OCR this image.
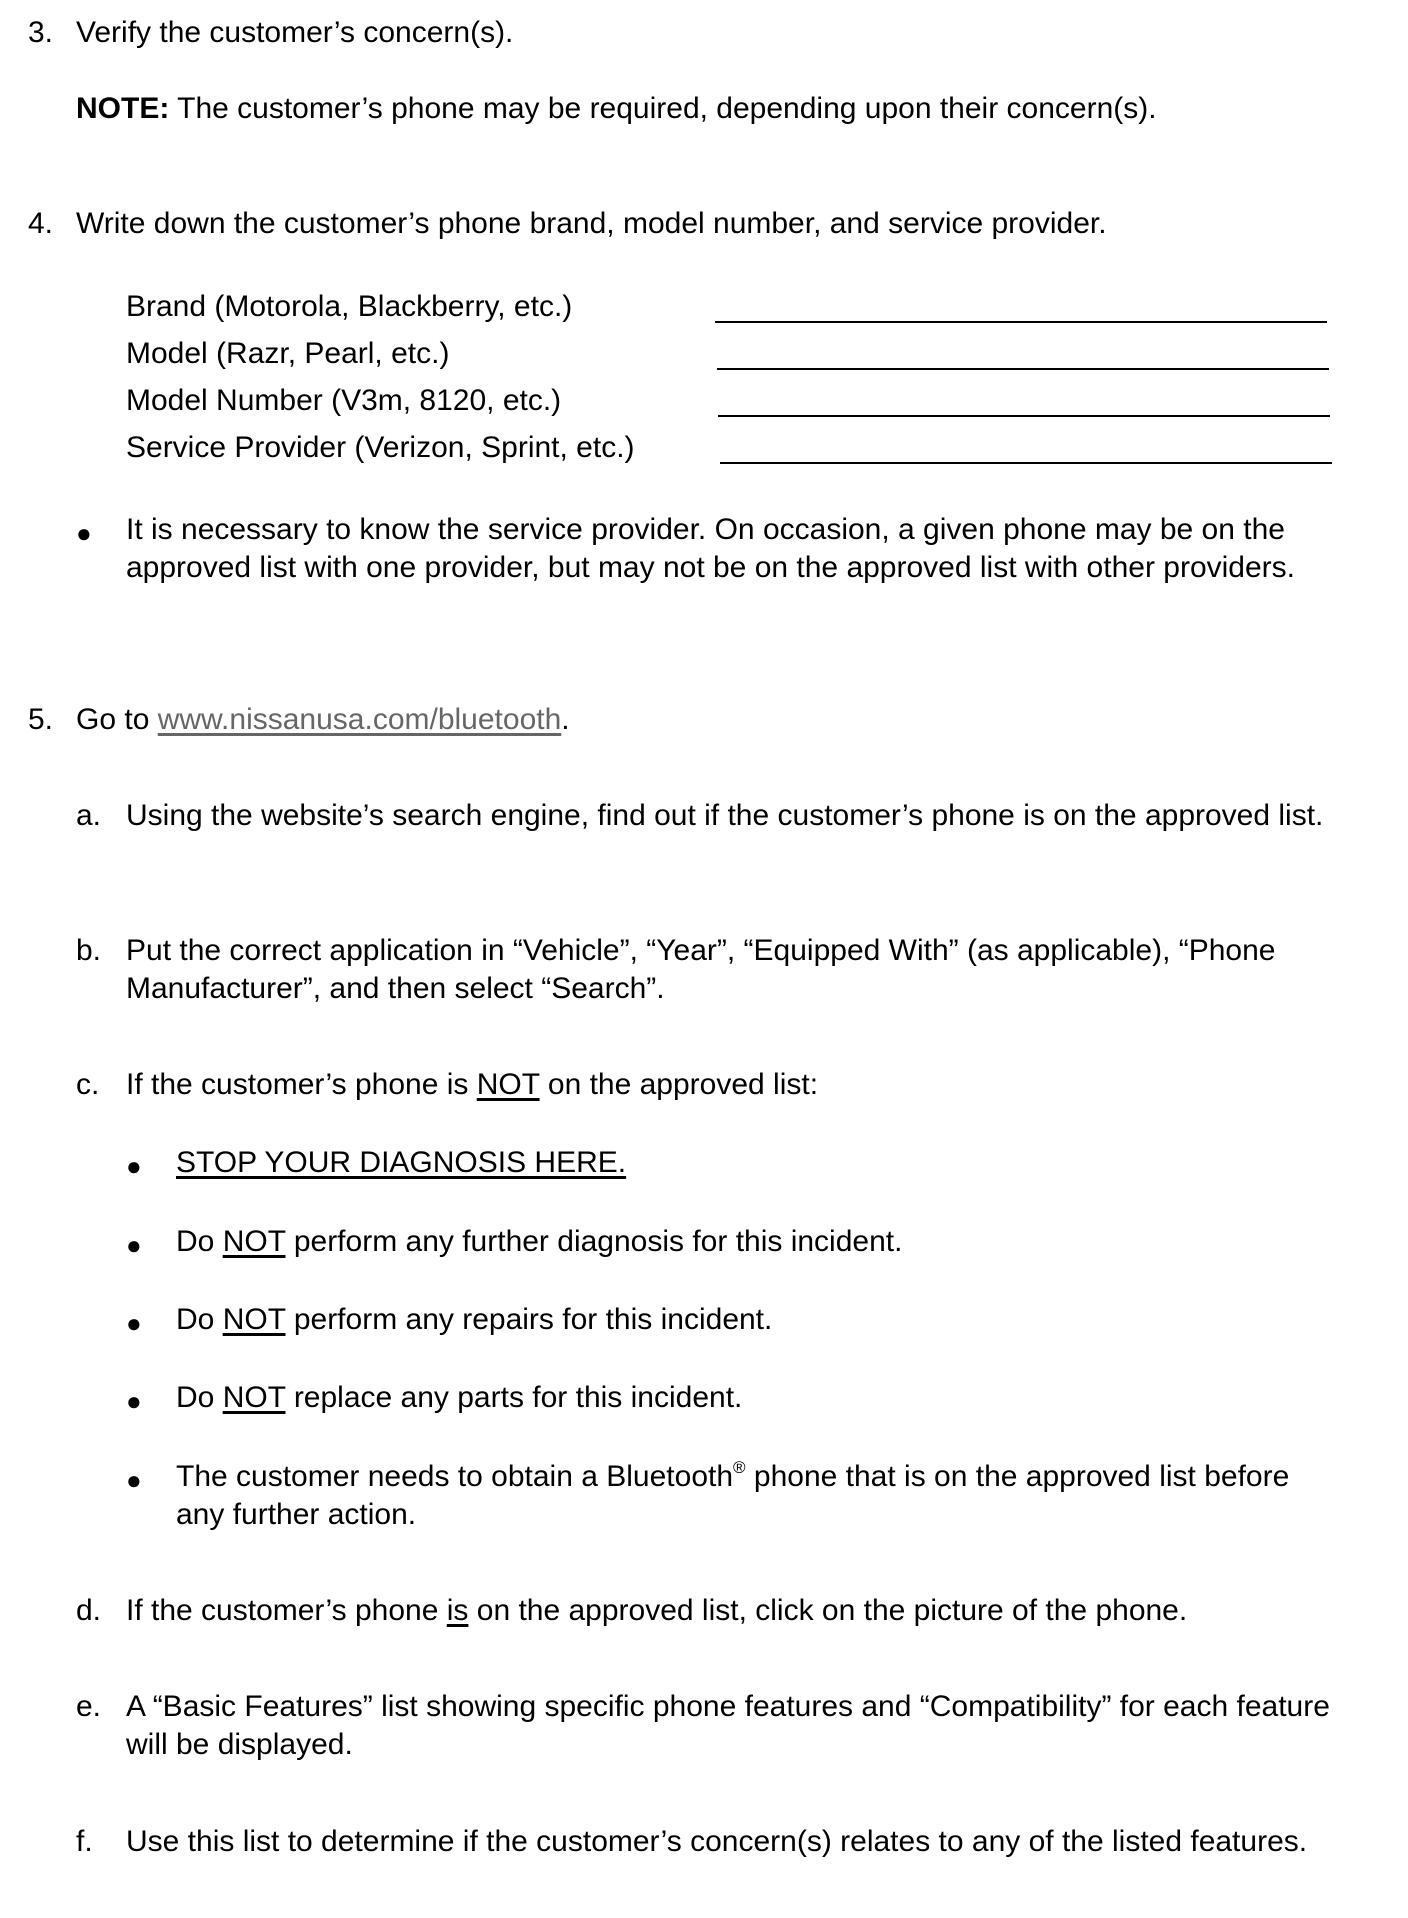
3. Verify the customer’s concern(s).
NOTE: The customer’s phone may be required, depending upon their concern(s).
4. Write down the customer’s phone brand, model number, and service provider.
Brand (Motorola, Blackberry, etc.)
Model (Razr, Pearl, etc.)
Model Number (V3m, 8120, etc.)
Service Provider (Verizon, Sprint, etc.)
● It is necessary to know the service provider. On occasion, a given phone may be on the approved list with one provider, but may not be on the approved list with other providers.
5. Go to www.nissanusa.com/bluetooth.
a. Using the website’s search engine, find out if the customer’s phone is on the approved list.
b. Put the correct application in “Vehicle”, “Year”, “Equipped With” (as applicable), “Phone Manufacturer”, and then select “Search”.
c. If the customer’s phone is NOT on the approved list:
● STOP YOUR DIAGNOSIS HERE.
● Do NOT perform any further diagnosis for this incident.
● Do NOT perform any repairs for this incident.
● Do NOT replace any parts for this incident.
● The customer needs to obtain a Bluetooth® phone that is on the approved list before any further action.
d. If the customer’s phone is on the approved list, click on the picture of the phone.
e. A “Basic Features” list showing specific phone features and “Compatibility” for each feature will be displayed.
f. Use this list to determine if the customer’s concern(s) relates to any of the listed features.
